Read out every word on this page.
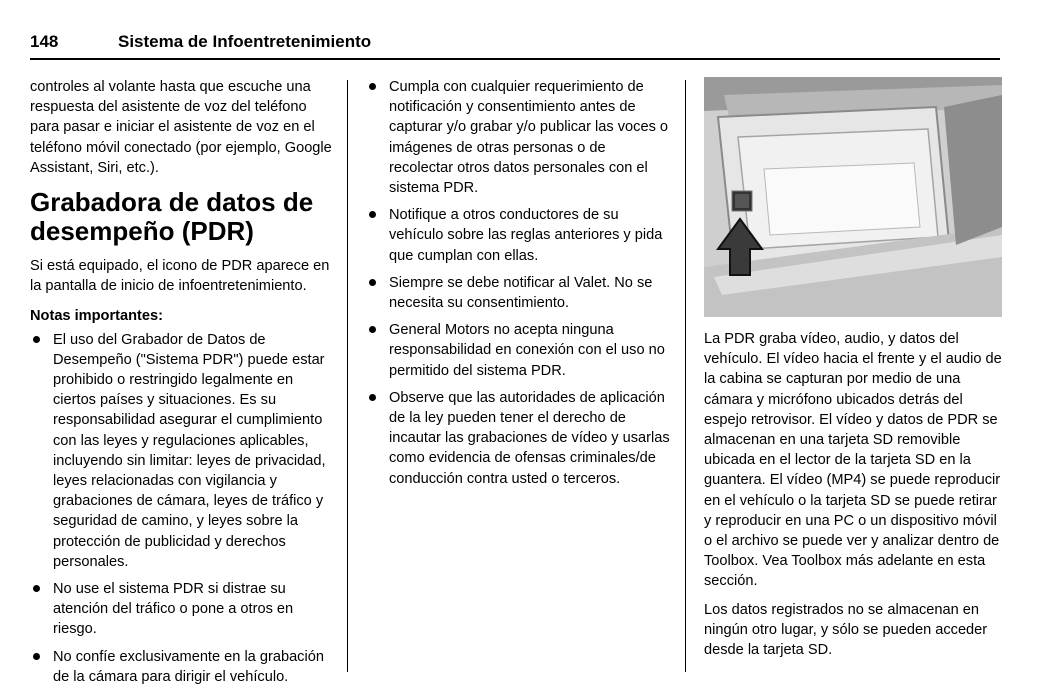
148	Sistema de Infoentretenimiento

controles al volante hasta que escuche una respuesta del asistente de voz del teléfono para pasar e iniciar el asistente de voz en el teléfono móvil conectado (por ejemplo, Google Assistant, Siri, etc.).

Grabadora de datos de desempeño (PDR)

Si está equipado, el icono de PDR aparece en la pantalla de inicio de infoentretenimiento.

Notas importantes:
El uso del Grabador de Datos de Desempeño ("Sistema PDR") puede estar prohibido o restringido legalmente en ciertos países y situaciones. Es su responsabilidad asegurar el cumplimiento con las leyes y regulaciones aplicables, incluyendo sin limitar: leyes de privacidad, leyes relacionadas con vigilancia y grabaciones de cámara, leyes de tráfico y seguridad de camino, y leyes sobre la protección de publicidad y derechos personales.
No use el sistema PDR si distrae su atención del tráfico o pone a otros en riesgo.
No confíe exclusivamente en la grabación de la cámara para dirigir el vehículo.
Cumpla con cualquier requerimiento de notificación y consentimiento antes de capturar y/o grabar y/o publicar las voces o imágenes de otras personas o de recolectar otros datos personales con el sistema PDR.
Notifique a otros conductores de su vehículo sobre las reglas anteriores y pida que cumplan con ellas.
Siempre se debe notificar al Valet. No se necesita su consentimiento.
General Motors no acepta ninguna responsabilidad en conexión con el uso no permitido del sistema PDR.
Observe que las autoridades de aplicación de la ley pueden tener el derecho de incautar las grabaciones de vídeo y usarlas como evidencia de ofensas criminales/de conducción contra usted o terceros.

La PDR graba vídeo, audio, y datos del vehículo. El vídeo hacia el frente y el audio de la cabina se capturan por medio de una cámara y micrófono ubicados detrás del espejo retrovisor. El vídeo y datos de PDR se almacenan en una tarjeta SD removible ubicada en el lector de la tarjeta SD en la guantera. El vídeo (MP4) se puede reproducir en el vehículo o la tarjeta SD se puede retirar y reproducir en una PC o un dispositivo móvil o el archivo se puede ver y analizar dentro de Toolbox. Vea Toolbox más adelante en esta sección.

Los datos registrados no se almacenan en ningún otro lugar, y sólo se pueden acceder desde la tarjeta SD.
